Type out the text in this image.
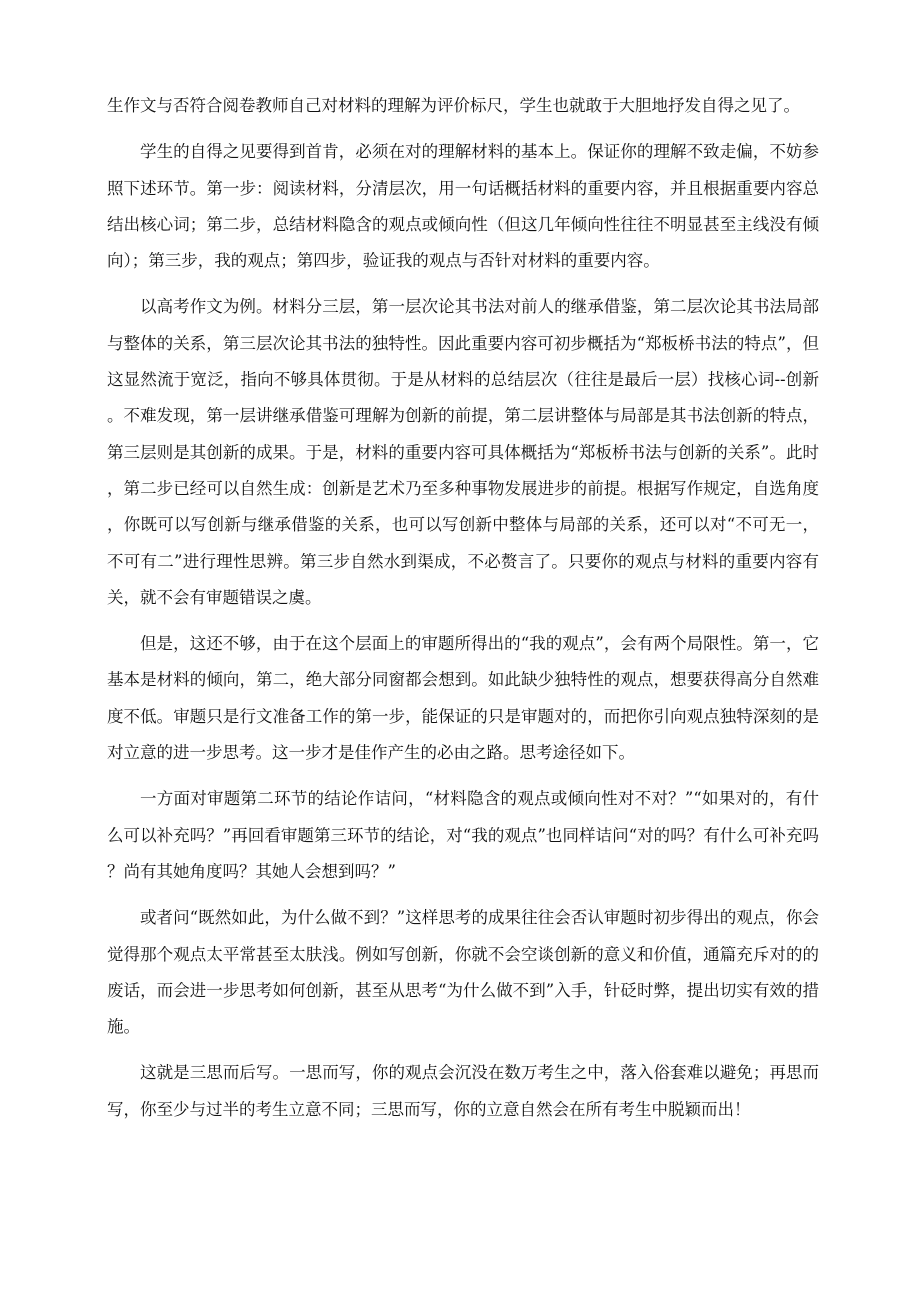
生作文与否符合阅卷教师自己对材料的理解为评价标尺，学生也就敢于大胆地抒发自得之见了。

学生的自得之见要得到首肯，必须在对的理解材料的基本上。保证你的理解不致走偏，不妨参照下述环节。第一步：阅读材料，分清层次，用一句话概括材料的重要内容，并且根据重要内容总结出核心词；第二步，总结材料隐含的观点或倾向性（但这几年倾向性往往不明显甚至主线没有倾向）；第三步，我的观点；第四步，验证我的观点与否针对材料的重要内容。

以高考作文为例。材料分三层，第一层次论其书法对前人的继承借鉴，第二层次论其书法局部与整体的关系，第三层次论其书法的独特性。因此重要内容可初步概括为“郑板桥书法的特点”，但这显然流于宽泛，指向不够具体贯彻。于是从材料的总结层次（往往是最后一层）找核心词--创新。不难发现，第一层讲继承借鉴可理解为创新的前提，第二层讲整体与局部是其书法创新的特点，第三层则是其创新的成果。于是，材料的重要内容可具体概括为“郑板桥书法与创新的关系”。此时，第二步已经可以自然生成：创新是艺术乃至多种事物发展进步的前提。根据写作规定，自选角度，你既可以写创新与继承借鉴的关系，也可以写创新中整体与局部的关系，还可以对“不可无一，不可有二”进行理性思辨。第三步自然水到渠成，不必赘言了。只要你的观点与材料的重要内容有关，就不会有审题错误之虞。

但是，这还不够，由于在这个层面上的审题所得出的“我的观点”，会有两个局限性。第一，它基本是材料的倾向，第二，绝大部分同窗都会想到。如此缺少独特性的观点，想要获得高分自然难度不低。审题只是行文准备工作的第一步，能保证的只是审题对的，而把你引向观点独特深刻的是对立意的进一步思考。这一步才是佳作产生的必由之路。思考途径如下。

一方面对审题第二环节的结论作诘问，“材料隐含的观点或倾向性对不对？”“如果对的，有什么可以补充吗？”再回看审题第三环节的结论，对“我的观点”也同样诘问“对的吗？有什么可补充吗？尚有其她角度吗？其她人会想到吗？”

或者问“既然如此，为什么做不到？”这样思考的成果往往会否认审题时初步得出的观点，你会觉得那个观点太平常甚至太肤浅。例如写创新，你就不会空谈创新的意义和价值，通篇充斥对的的废话，而会进一步思考如何创新，甚至从思考“为什么做不到”入手，针砭时弊，提出切实有效的措施。

这就是三思而后写。一思而写，你的观点会沉没在数万考生之中，落入俗套难以避免；再思而写，你至少与过半的考生立意不同；三思而写，你的立意自然会在所有考生中脱颖而出！
